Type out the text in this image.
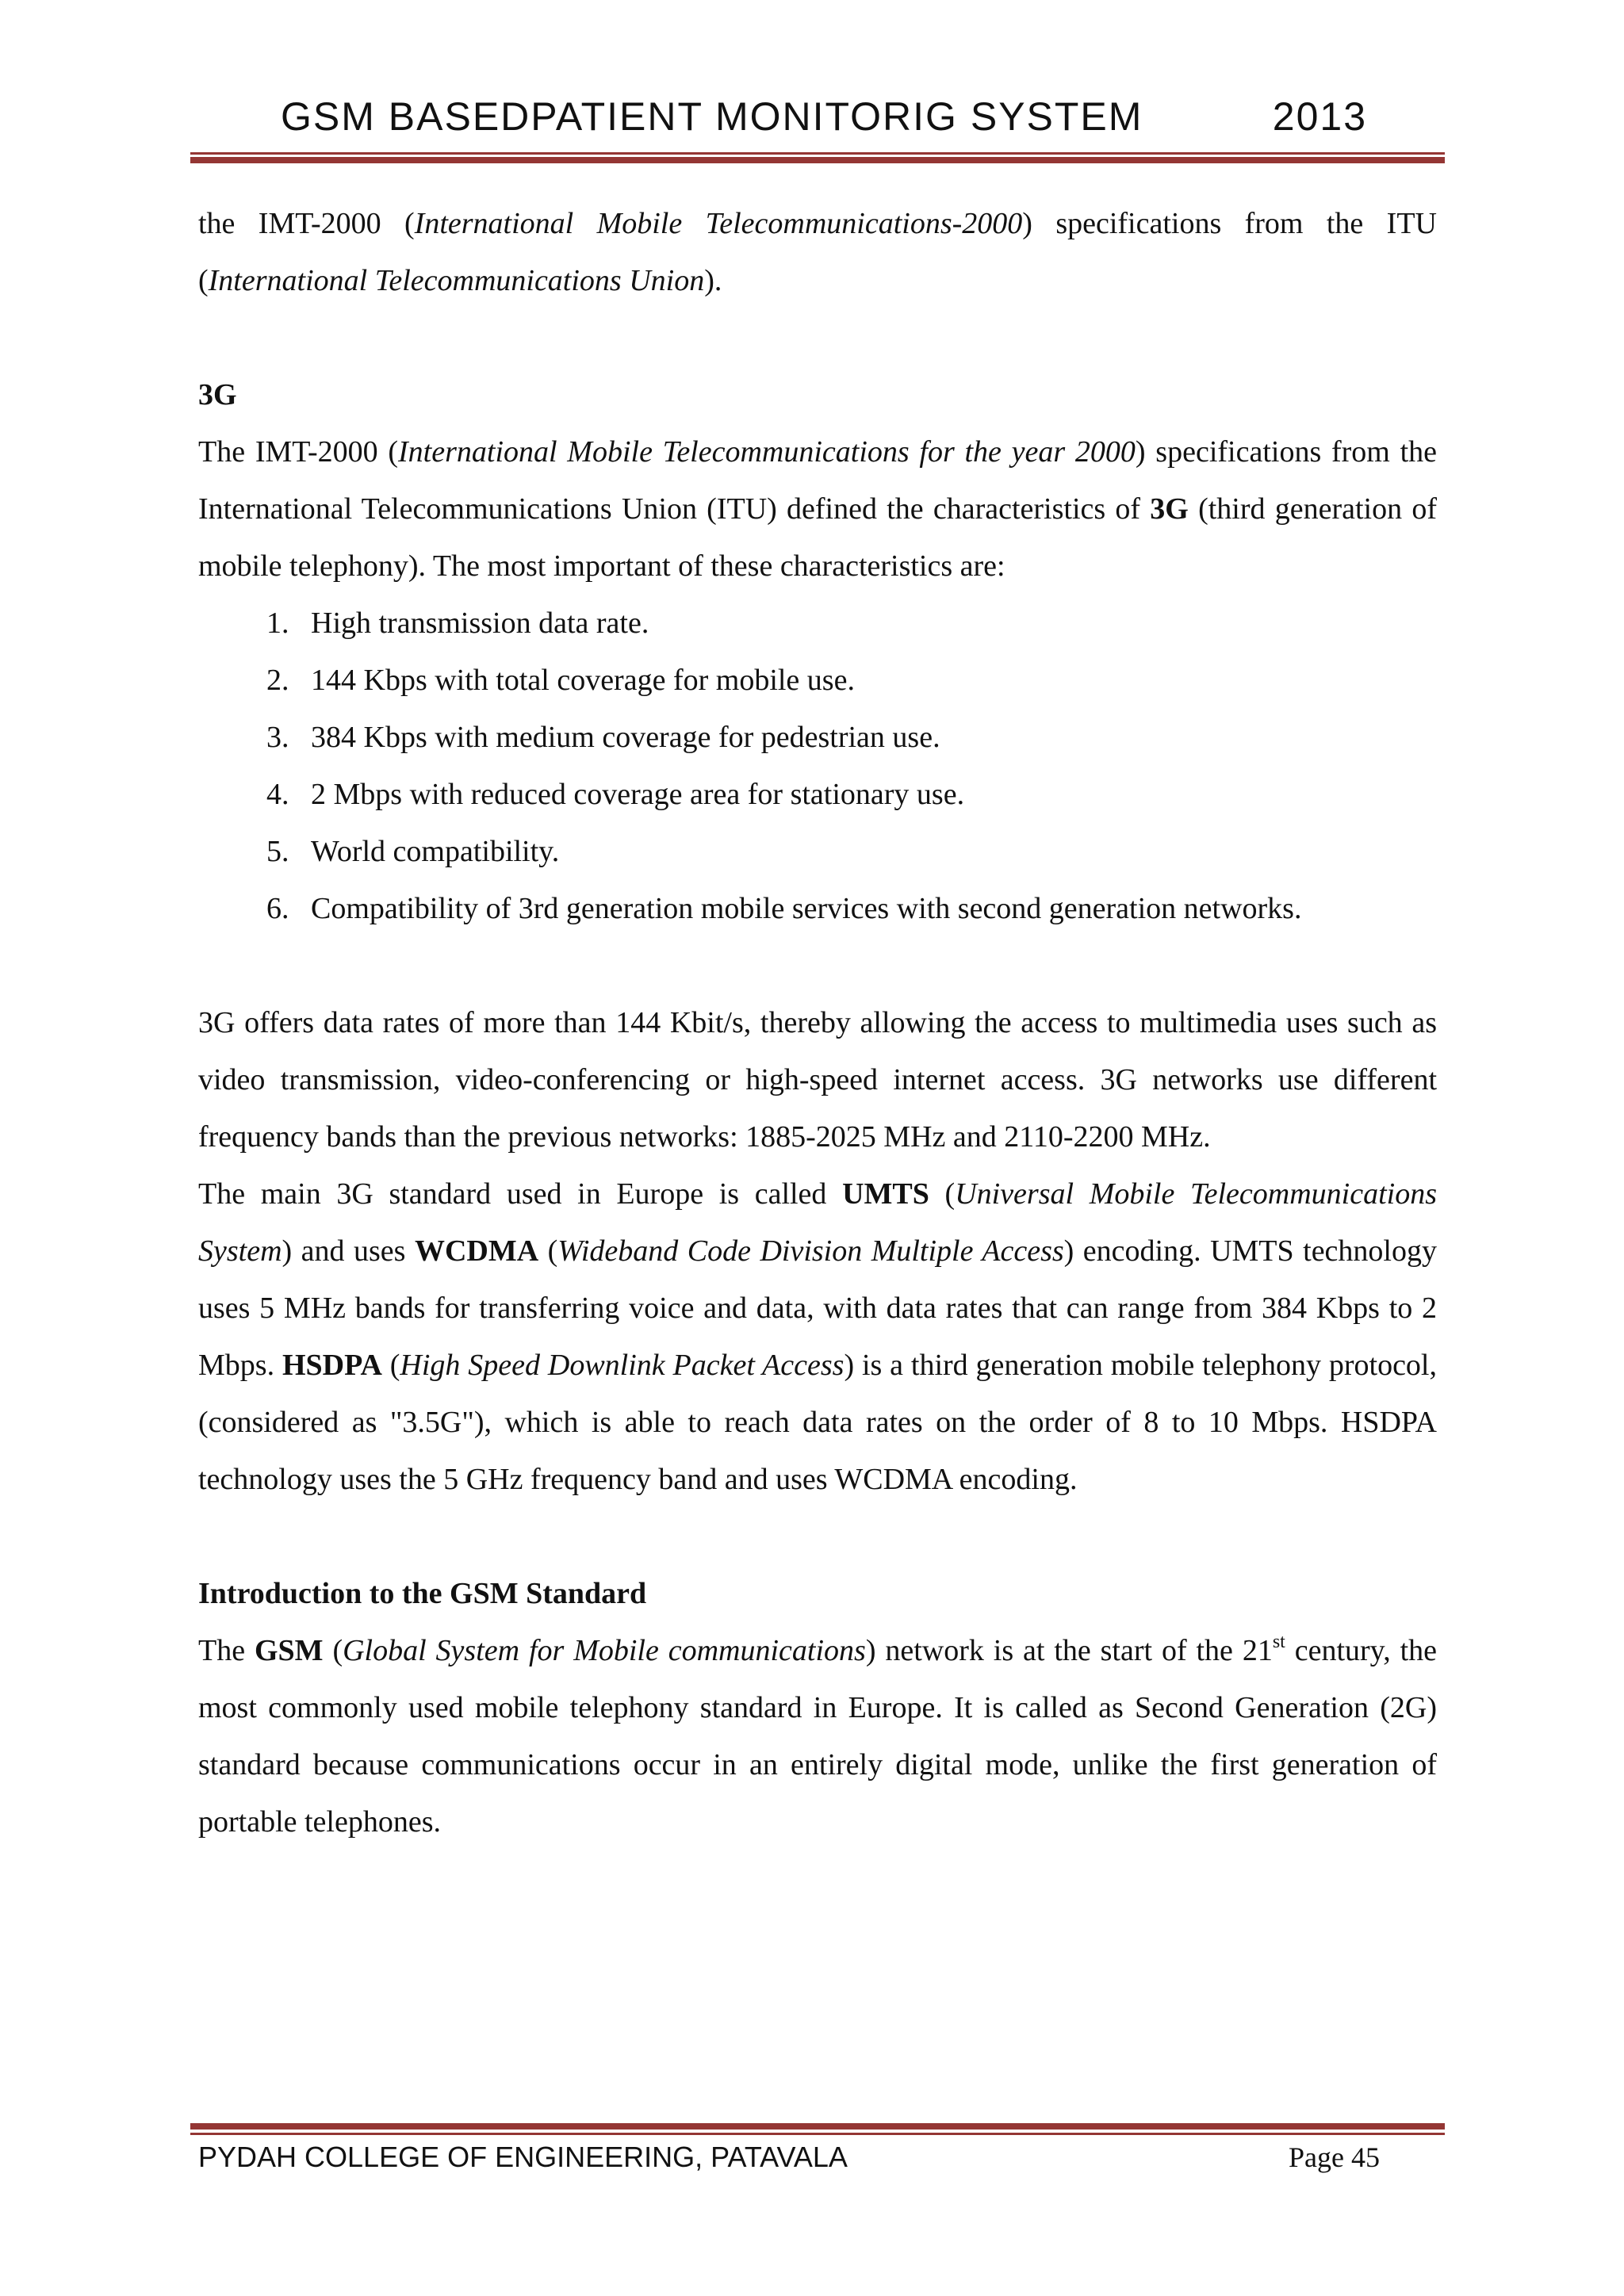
GSM BASEDPATIENT MONITORIG SYSTEM	2013

the IMT-2000 (International Mobile Telecommunications-2000) specifications from the ITU (International Telecommunications Union).

3G

The IMT-2000 (International Mobile Telecommunications for the year 2000) specifications from the International Telecommunications Union (ITU) defined the characteristics of 3G (third generation of mobile telephony). The most important of these characteristics are:

1. High transmission data rate.
2. 144 Kbps with total coverage for mobile use.
3. 384 Kbps with medium coverage for pedestrian use.
4. 2 Mbps with reduced coverage area for stationary use.
5. World compatibility.
6. Compatibility of 3rd generation mobile services with second generation networks.

3G offers data rates of more than 144 Kbit/s, thereby allowing the access to multimedia uses such as video transmission, video-conferencing or high-speed internet access. 3G networks use different frequency bands than the previous networks: 1885-2025 MHz and 2110-2200 MHz.

The main 3G standard used in Europe is called UMTS (Universal Mobile Telecommunications System) and uses WCDMA (Wideband Code Division Multiple Access) encoding. UMTS technology uses 5 MHz bands for transferring voice and data, with data rates that can range from 384 Kbps to 2 Mbps. HSDPA (High Speed Downlink Packet Access) is a third generation mobile telephony protocol, (considered as "3.5G"), which is able to reach data rates on the order of 8 to 10 Mbps. HSDPA technology uses the 5 GHz frequency band and uses WCDMA encoding.

Introduction to the GSM Standard

The GSM (Global System for Mobile communications) network is at the start of the 21st century, the most commonly used mobile telephony standard in Europe. It is called as Second Generation (2G) standard because communications occur in an entirely digital mode, unlike the first generation of portable telephones.

PYDAH COLLEGE OF ENGINEERING, PATAVALA	Page 45
